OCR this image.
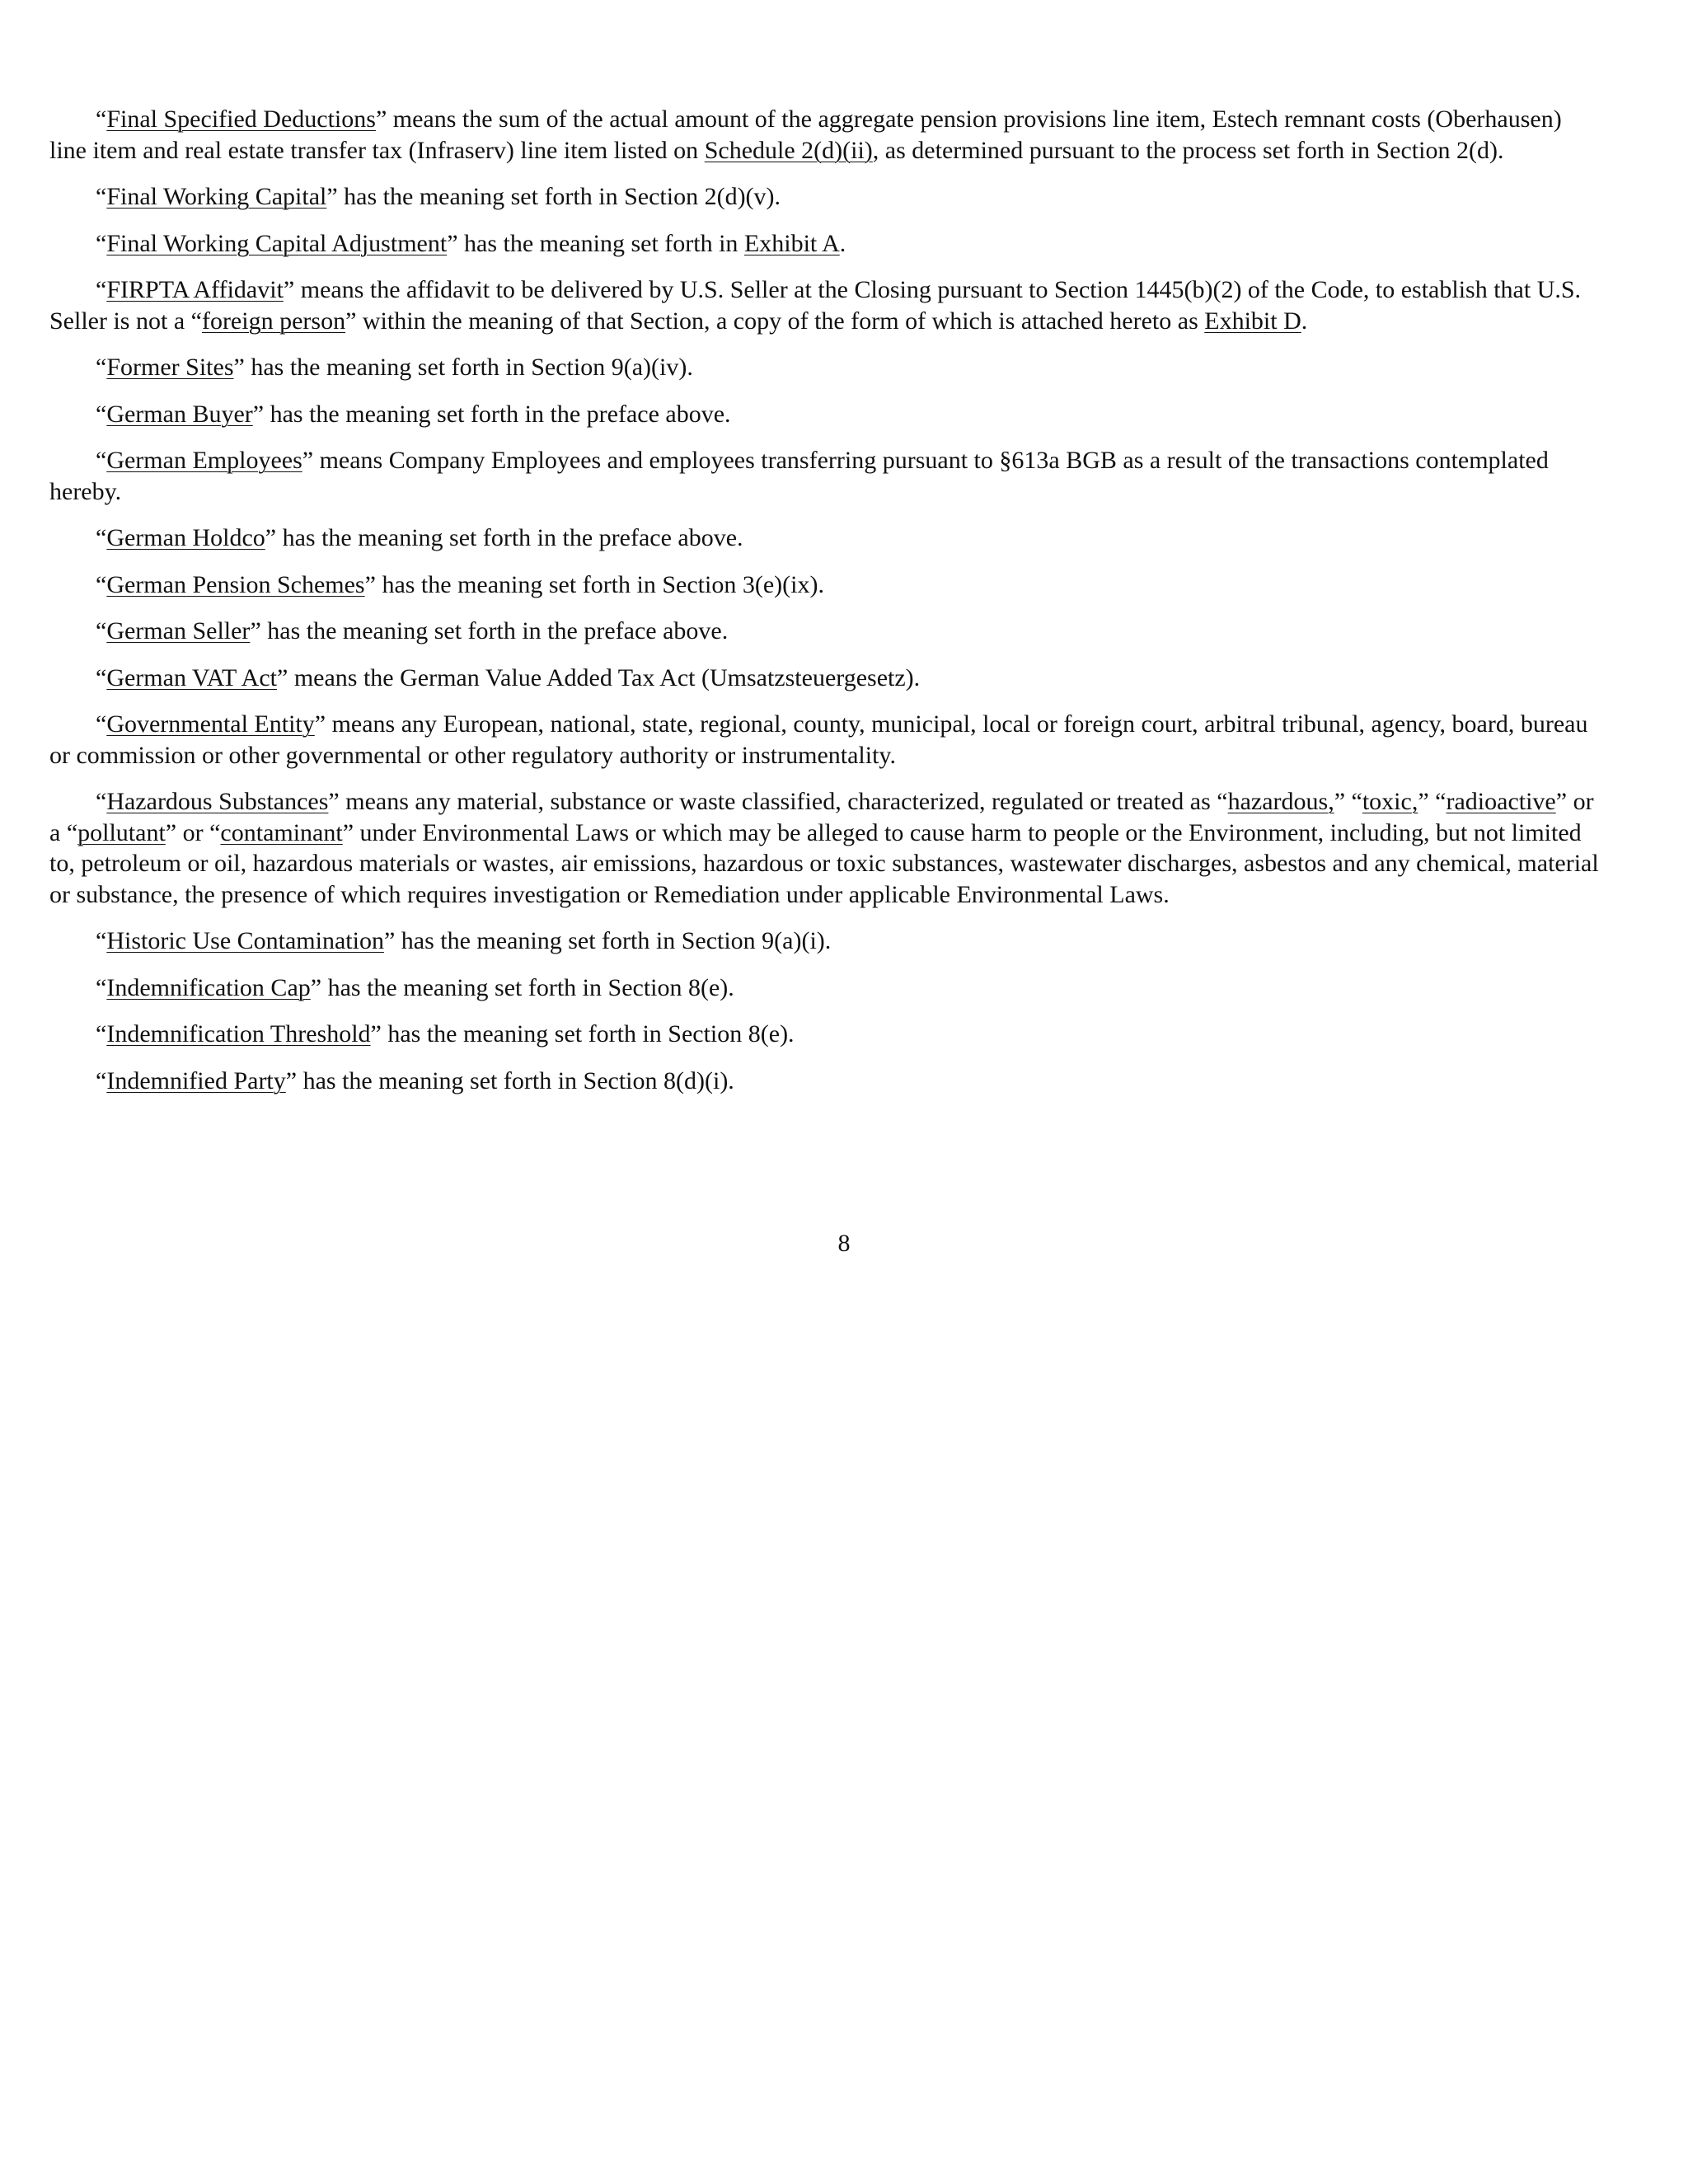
“Final Specified Deductions” means the sum of the actual amount of the aggregate pension provisions line item, Estech remnant costs (Oberhausen) line item and real estate transfer tax (Infraserv) line item listed on Schedule 2(d)(ii), as determined pursuant to the process set forth in Section 2(d).

“Final Working Capital” has the meaning set forth in Section 2(d)(v).

“Final Working Capital Adjustment” has the meaning set forth in Exhibit A.

“FIRPTA Affidavit” means the affidavit to be delivered by U.S. Seller at the Closing pursuant to Section 1445(b)(2) of the Code, to establish that U.S. Seller is not a “foreign person” within the meaning of that Section, a copy of the form of which is attached hereto as Exhibit D.

“Former Sites” has the meaning set forth in Section 9(a)(iv).

“German Buyer” has the meaning set forth in the preface above.

“German Employees” means Company Employees and employees transferring pursuant to §613a BGB as a result of the transactions contemplated hereby.

“German Holdco” has the meaning set forth in the preface above.

“German Pension Schemes” has the meaning set forth in Section 3(e)(ix).

“German Seller” has the meaning set forth in the preface above.

“German VAT Act” means the German Value Added Tax Act (Umsatzsteuergesetz).

“Governmental Entity” means any European, national, state, regional, county, municipal, local or foreign court, arbitral tribunal, agency, board, bureau or commission or other governmental or other regulatory authority or instrumentality.

“Hazardous Substances” means any material, substance or waste classified, characterized, regulated or treated as “hazardous,” “toxic,” “radioactive” or a “pollutant” or “contaminant” under Environmental Laws or which may be alleged to cause harm to people or the Environment, including, but not limited to, petroleum or oil, hazardous materials or wastes, air emissions, hazardous or toxic substances, wastewater discharges, asbestos and any chemical, material or substance, the presence of which requires investigation or Remediation under applicable Environmental Laws.

“Historic Use Contamination” has the meaning set forth in Section 9(a)(i).

“Indemnification Cap” has the meaning set forth in Section 8(e).

“Indemnification Threshold” has the meaning set forth in Section 8(e).

“Indemnified Party” has the meaning set forth in Section 8(d)(i).

8
